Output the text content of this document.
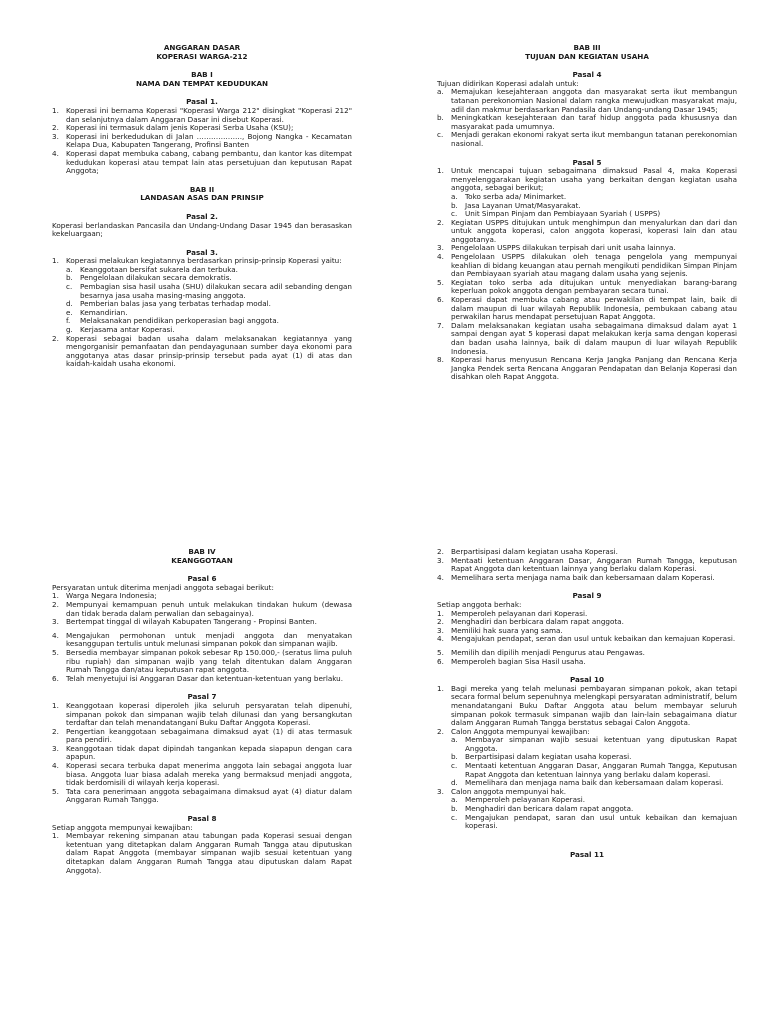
ANGGARAN DASAR
KOPERASI WARGA-212
BAB I
NAMA DAN TEMPAT KEDUDUKAN
Pasal 1.
1. Koperasi ini bernama Koperasi "Koperasi Warga 212" disingkat "Koperasi 212" dan selanjutnya dalam Anggaran Dasar ini disebut Koperasi.
2. Koperasi ini termasuk dalam jenis Koperasi Serba Usaha (KSU);
3. Koperasi ini berkedudukan di Jalan ………………., Bojong Nangka - Kecamatan Kelapa Dua, Kabupaten Tangerang, Profinsi Banten
4. Koperasi dapat membuka cabang, cabang pembantu, dan kantor kas ditempat kedudukan koperasi atau tempat lain atas persetujuan dan keputusan Rapat Anggota;
BAB II
LANDASAN ASAS DAN PRINSIP
Pasal 2.
Koperasi berlandaskan Pancasila dan Undang-Undang Dasar 1945 dan berasaskan kekeluargaan;
Pasal 3.
1. Koperasi melakukan kegiatannya berdasarkan prinsip-prinsip Koperasi yaitu:
a.	Keanggotaan bersifat sukarela dan terbuka.
b. Pengelolaan dilakukan secara demokratis.
c.	Pembagian sisa hasil usaha (SHU) dilakukan secara adil sebanding dengan besarnya jasa usaha masing-masing anggota.
d. Pemberian balas jasa yang terbatas terhadap modal.
e.	Kemandirian.
f.	Melaksanakan pendidikan perkoperasian bagi anggota.
g. Kerjasama antar Koperasi.
2. Koperasi sebagai badan usaha dalam melaksanakan kegiatannya yang mengorganisir pemanfaatan dan pendayagunaan sumber daya ekonomi para anggotanya atas dasar prinsip-prinsip tersebut pada ayat (1) di atas dan kaidah-kaidah usaha ekonomi.
BAB III
TUJUAN DAN KEGIATAN USAHA
Pasal 4
Tujuan didirikan Koperasi adalah untuk:
a.	Memajukan kesejahteraan anggota dan masyarakat serta ikut membangun tatanan perekonomian Nasional dalam rangka mewujudkan masyarakat maju, adil dan makmur berdasarkan Pandasila dan Undang-undang Dasar 1945;
b. Meningkatkan kesejahteraan dan taraf hidup anggota pada khususnya dan masyarakat pada umumnya.
c.	Menjadi gerakan ekonomi rakyat serta ikut membangun tatanan perekonomian nasional.
Pasal 5
1. Untuk mencapai tujuan sebagaimana dimaksud Pasal 4, maka Koperasi menyelenggarakan kegiatan usaha yang berkaitan dengan kegiatan usaha anggota, sebagai berikut;
a.	Toko serba ada/ Minimarket.
b. Jasa Layanan Umat/Masyarakat.
c.	Unit Simpan Pinjam dan Pembiayaan Syariah ( USPPS)
2. Kegiatan USPPS ditujukan untuk menghimpun dan menyalurkan dan dari dan untuk anggota koperasi, calon anggota koperasi, koperasi lain dan atau anggotanya.
3. Pengelolaan USPPS dilakukan terpisah dari unit usaha lainnya.
4. Pengelolaan USPPS dilakukan oleh tenaga pengelola yang mempunyai keahlian di bidang keuangan atau pernah mengikuti pendidikan Simpan Pinjam dan Pembiayaan syariah atau magang dalam usaha yang sejenis.
5. Kegiatan toko serba ada ditujukan untuk menyediakan barang-barang keperluan pokok anggota dengan pembayaran secara tunai.
6. Koperasi dapat membuka cabang atau perwakilan di tempat lain, baik di dalam maupun di luar wilayah Republik Indonesia, pembukaan cabang atau perwakilan harus mendapat persetujuan Rapat Anggota.
7. Dalam melaksanakan kegiatan usaha sebagaimana dimaksud dalam ayat 1 sampai dengan ayat 5 koperasi dapat melakukan kerja sama dengan koperasi dan badan usaha lainnya, baik di dalam maupun di luar wilayah Republik Indonesia.
8. Koperasi harus menyusun Rencana Kerja Jangka Panjang dan Rencana Kerja Jangka Pendek serta Rencana Anggaran Pendapatan dan Belanja Koperasi dan disahkan oleh Rapat Anggota.
BAB IV
KEANGGOTAAN
Pasal 6
Persyaratan untuk diterima menjadi anggota sebagai berikut:
1. Warga Negara Indonesia;
2. Mempunyai kemampuan penuh untuk melakukan tindakan hukum (dewasa dan tidak berada dalam perwalian dan sebagainya).
3. Bertempat tinggal di wilayah Kabupaten Tangerang - Propinsi Banten.
4. Mengajukan permohonan untuk menjadi anggota dan menyatakan kesanggupan tertulis untuk melunasi simpanan pokok dan simpanan wajib.
5. Bersedia membayar simpanan pokok sebesar Rp 150.000,- (seratus lima puluh ribu rupiah) dan simpanan wajib yang telah ditentukan dalam Anggaran Rumah Tangga dan/atau keputusan rapat anggota.
6. Telah menyetujui isi Anggaran Dasar dan ketentuan-ketentuan yang berlaku.
Pasal 7
1. Keanggotaan koperasi diperoleh jika seluruh persyaratan telah dipenuhi, simpanan pokok dan simpanan wajib telah dilunasi dan yang bersangkutan terdaftar dan telah menandatangani Buku Daftar Anggota Koperasi.
2. Pengertian keanggotaan sebagaimana dimaksud ayat (1) di atas termasuk para pendiri.
3. Keanggotaan tidak dapat dipindah tangankan kepada siapapun dengan cara apapun.
4. Koperasi secara terbuka dapat menerima anggota lain sebagai anggota luar biasa. Anggota luar biasa adalah mereka yang bermaksud menjadi anggota, tidak berdomisili di wilayah kerja koperasi.
5. Tata cara penerimaan anggota sebagaimana dimaksud ayat (4) diatur dalam Anggaran Rumah Tangga.
Pasal 8
Setiap anggota mempunyai kewajiban:
1. Membayar rekening simpanan atau tabungan pada Koperasi sesuai dengan ketentuan yang ditetapkan dalam Anggaran Rumah Tangga atau diputuskan dalam Rapat Anggota (membayar simpanan wajib sesuai ketentuan yang ditetapkan dalam Anggaran Rumah Tangga atau diputuskan dalam Rapat Anggota).
2. Berpartisipasi dalam kegiatan usaha Koperasi.
3. Mentaati ketentuan Anggaran Dasar, Anggaran Rumah Tangga, keputusan Rapat Anggota dan ketentuan lainnya yang berlaku dalam Koperasi.
4. Memelihara serta menjaga nama baik dan kebersamaan dalam Koperasi.
Pasal 9
Setiap anggota berhak:
1. Memperoleh pelayanan dari Koperasi.
2. Menghadiri dan berbicara dalam rapat anggota.
3. Memiliki hak suara yang sama.
4. Mengajukan pendapat, seran dan usul untuk kebaikan dan kemajuan Koperasi.
5. Memilih dan dipilih menjadi Pengurus atau Pengawas.
6. Memperoleh bagian Sisa Hasil usaha.
Pasal 10
1. Bagi mereka yang telah melunasi pembayaran simpanan pokok, akan tetapi secara formal belum sepenuhnya melengkapi persyaratan administratif, belum menandatangani Buku Daftar Anggota atau belum membayar seluruh simpanan pokok termasuk simpanan wajib dan lain-lain sebagaimana diatur dalam Anggaran Rumah Tangga berstatus sebagai Calon Anggota.
2. Calon Anggota mempunyai kewajiban:
a.	Membayar simpanan wajib sesuai ketentuan yang diputuskan Rapat Anggota.
b. Berpartisipasi dalam kegiatan usaha koperasi.
c.	Mentaati ketentuan Anggaran Dasar, Anggaran Rumah Tangga, Keputusan Rapat Anggota dan ketentuan lainnya yang berlaku dalam koperasi.
d. Memelihara dan menjaga nama baik dan kebersamaan dalam koperasi.
3. Calon anggota mempunyai hak.
a.	Memperoleh pelayanan Koperasi.
b. Menghadiri dan bericara dalam rapat anggota.
c.	Mengajukan pendapat, saran dan usul untuk kebaikan dan kemajuan koperasi.
Pasal 11
